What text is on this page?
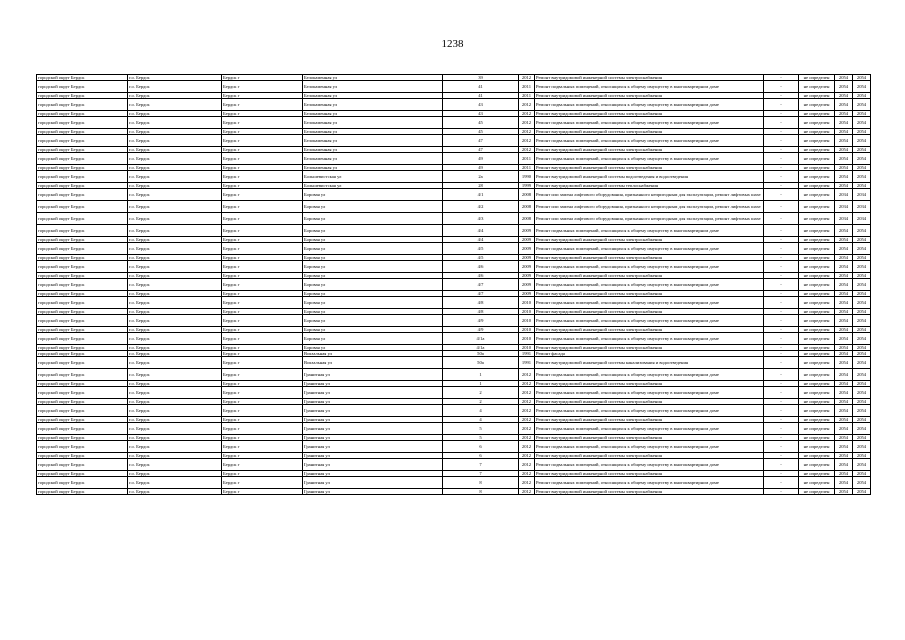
1238
городской округ Бердск	г.о. Бердск	Бердск г	Белокаменная ул	39	2012	Ремонт внутридомовой инженерной системы электроснабжения	-	не определен	2054	2054
городской округ Бердск	г.о. Бердск	Бердск г	Белокаменная ул	41	2011	Ремонт подвальных помещений, относящихся к общему имуществу в многоквартирном доме	-	не определен	2054	2054
городской округ Бердск	г.о. Бердск	Бердск г	Белокаменная ул	41	2011	Ремонт внутридомовой инженерной системы электроснабжения	-	не определен	2054	2054
городской округ Бердск	г.о. Бердск	Бердск г	Белокаменная ул	43	2012	Ремонт подвальных помещений, относящихся к общему имуществу в многоквартирном доме	-	не определен	2054	2054
городской округ Бердск	г.о. Бердск	Бердск г	Белокаменная ул	43	2012	Ремонт внутридомовой инженерной системы электроснабжения	-	не определен	2054	2054
городской округ Бердск	г.о. Бердск	Бердск г	Белокаменная ул	45	2012	Ремонт подвальных помещений, относящихся к общему имуществу в многоквартирном доме	-	не определен	2054	2054
городской округ Бердск	г.о. Бердск	Бердск г	Белокаменная ул	45	2012	Ремонт внутридомовой инженерной системы электроснабжения	-	не определен	2054	2054
городской округ Бердск	г.о. Бердск	Бердск г	Белокаменная ул	47	2012	Ремонт подвальных помещений, относящихся к общему имуществу в многоквартирном доме	-	не определен	2054	2054
городской округ Бердск	г.о. Бердск	Бердск г	Белокаменная ул	47	2012	Ремонт внутридомовой инженерной системы электроснабжения	-	не определен	2054	2054
городской округ Бердск	г.о. Бердск	Бердск г	Белокаменная ул	49	2011	Ремонт подвальных помещений, относящихся к общему имуществу в многоквартирном доме	-	не определен	2054	2054
городской округ Бердск	г.о. Бердск	Бердск г	Белокаменная ул	49	2011	Ремонт внутридомовой инженерной системы электроснабжения	-	не определен	2054	2054
городской округ Бердск	г.о. Бердск	Бердск г	Большевистская ул	2а	1990	Ремонт внутридомовой инженерной системы водоотведения и водоотведения	-	не определен	2054	2054
городской округ Бердск	г.о. Бердск	Бердск г	Большевистская ул	28	1999	Ремонт внутридомовой инженерной системы теплоснабжения	-	не определен	2054	2054
городской округ Бердск	г.о. Бердск	Бердск г	Боровая ул	4/1	2008	Ремонт или замена лифтового оборудования, признанного непригодным для эксплуатации, ремонт лифтовых шахт	-	не определен	2034	2034
городской округ Бердск	г.о. Бердск	Бердск г	Боровая ул	4/2	2008	Ремонт или замена лифтового оборудования, признанного непригодным для эксплуатации, ремонт лифтовых шахт	-	не определен	2034	2034
городской округ Бердск	г.о. Бердск	Бердск г	Боровая ул	4/3	2008	Ремонт или замена лифтового оборудования, признанного непригодным для эксплуатации, ремонт лифтовых шахт	-	не определен	2034	2034
городской округ Бердск	г.о. Бердск	Бердск г	Боровая ул	4/4	2009	Ремонт подвальных помещений, относящихся к общему имуществу в многоквартирном доме	-	не определен	2054	2054
городской округ Бердск	г.о. Бердск	Бердск г	Боровая ул	4/4	2009	Ремонт внутридомовой инженерной системы электроснабжения	-	не определен	2054	2054
городской округ Бердск	г.о. Бердск	Бердск г	Боровая ул	4/5	2009	Ремонт подвальных помещений, относящихся к общему имуществу в многоквартирном доме	-	не определен	2054	2054
городской округ Бердск	г.о. Бердск	Бердск г	Боровая ул	4/5	2009	Ремонт внутридомовой инженерной системы электроснабжения	-	не определен	2054	2054
городской округ Бердск	г.о. Бердск	Бердск г	Боровая ул	4/6	2009	Ремонт подвальных помещений, относящихся к общему имуществу в многоквартирном доме	-	не определен	2054	2054
городской округ Бердск	г.о. Бердск	Бердск г	Боровая ул	4/6	2009	Ремонт внутридомовой инженерной системы электроснабжения	-	не определен	2054	2054
городской округ Бердск	г.о. Бердск	Бердск г	Боровая ул	4/7	2009	Ремонт подвальных помещений, относящихся к общему имуществу в многоквартирном доме	-	не определен	2054	2054
городской округ Бердск	г.о. Бердск	Бердск г	Боровая ул	4/7	2009	Ремонт внутридомовой инженерной системы электроснабжения	-	не определен	2054	2054
городской округ Бердск	г.о. Бердск	Бердск г	Боровая ул	4/8	2010	Ремонт подвальных помещений, относящихся к общему имуществу в многоквартирном доме	-	не определен	2054	2054
городской округ Бердск	г.о. Бердск	Бердск г	Боровая ул	4/8	2010	Ремонт внутридомовой инженерной системы электроснабжения	-	не определен	2054	2054
городской округ Бердск	г.о. Бердск	Бердск г	Боровая ул	4/9	2010	Ремонт подвальных помещений, относящихся к общему имуществу в многоквартирном доме	-	не определен	2054	2054
городской округ Бердск	г.о. Бердск	Бердск г	Боровая ул	4/9	2010	Ремонт внутридомовой инженерной системы электроснабжения	-	не определен	2054	2054
городской округ Бердск	г.о. Бердск	Бердск г	Боровая ул	4/1а	2010	Ремонт подвальных помещений, относящихся к общему имуществу в многоквартирном доме	-	не определен	2054	2054
городской округ Бердск	г.о. Бердск	Бердск г	Боровая ул	4/1а	2010	Ремонт внутридомовой инженерной системы электроснабжения	-	не определен	2054	2054
городской округ Бердск	г.о. Бердск	Бердск г	Вокзальная ул	50а	1991	Ремонт фасада	-	не определен	2054	2054
городской округ Бердск	г.о. Бердск	Бердск г	Вокзальная ул	50а	1991	Ремонт внутридомовой инженерной системы канализования и водоотведения	-	не определен	2054	2054
городской округ Бердск	г.о. Бердск	Бердск г	Гранитная ул	1	2012	Ремонт подвальных помещений, относящихся к общему имуществу в многоквартирном доме	-	не определен	2054	2054
городской округ Бердск	г.о. Бердск	Бердск г	Гранитная ул	1	2012	Ремонт внутридомовой инженерной системы электроснабжения	-	не определен	2054	2054
городской округ Бердск	г.о. Бердск	Бердск г	Гранитная ул	2	2012	Ремонт подвальных помещений, относящихся к общему имуществу в многоквартирном доме	-	не определен	2054	2054
городской округ Бердск	г.о. Бердск	Бердск г	Гранитная ул	2	2012	Ремонт внутридомовой инженерной системы электроснабжения	-	не определен	2054	2054
городской округ Бердск	г.о. Бердск	Бердск г	Гранитная ул	4	2012	Ремонт подвальных помещений, относящихся к общему имуществу в многоквартирном доме	-	не определен	2054	2054
городской округ Бердск	г.о. Бердск	Бердск г	Гранитная ул	4	2012	Ремонт внутридомовой инженерной системы электроснабжения	-	не определен	2054	2054
городской округ Бердск	г.о. Бердск	Бердск г	Гранитная ул	5	2012	Ремонт подвальных помещений, относящихся к общему имуществу в многоквартирном доме	-	не определен	2054	2054
городской округ Бердск	г.о. Бердск	Бердск г	Гранитная ул	5	2012	Ремонт внутридомовой инженерной системы электроснабжения	-	не определен	2054	2054
городской округ Бердск	г.о. Бердск	Бердск г	Гранитная ул	6	2012	Ремонт подвальных помещений, относящихся к общему имуществу в многоквартирном доме	-	не определен	2054	2054
городской округ Бердск	г.о. Бердск	Бердск г	Гранитная ул	6	2012	Ремонт внутридомовой инженерной системы электроснабжения	-	не определен	2054	2054
городской округ Бердск	г.о. Бердск	Бердск г	Гранитная ул	7	2012	Ремонт подвальных помещений, относящихся к общему имуществу в многоквартирном доме	-	не определен	2054	2054
городской округ Бердск	г.о. Бердск	Бердск г	Гранитная ул	7	2012	Ремонт внутридомовой инженерной системы электроснабжения	-	не определен	2054	2054
городской округ Бердск	г.о. Бердск	Бердск г	Гранитная ул	8	2012	Ремонт подвальных помещений, относящихся к общему имуществу в многоквартирном доме	-	не определен	2054	2054
городской округ Бердск	г.о. Бердск	Бердск г	Гранитная ул	8	2012	Ремонт внутридомовой инженерной системы электроснабжения	-	не определен	2054	2054
